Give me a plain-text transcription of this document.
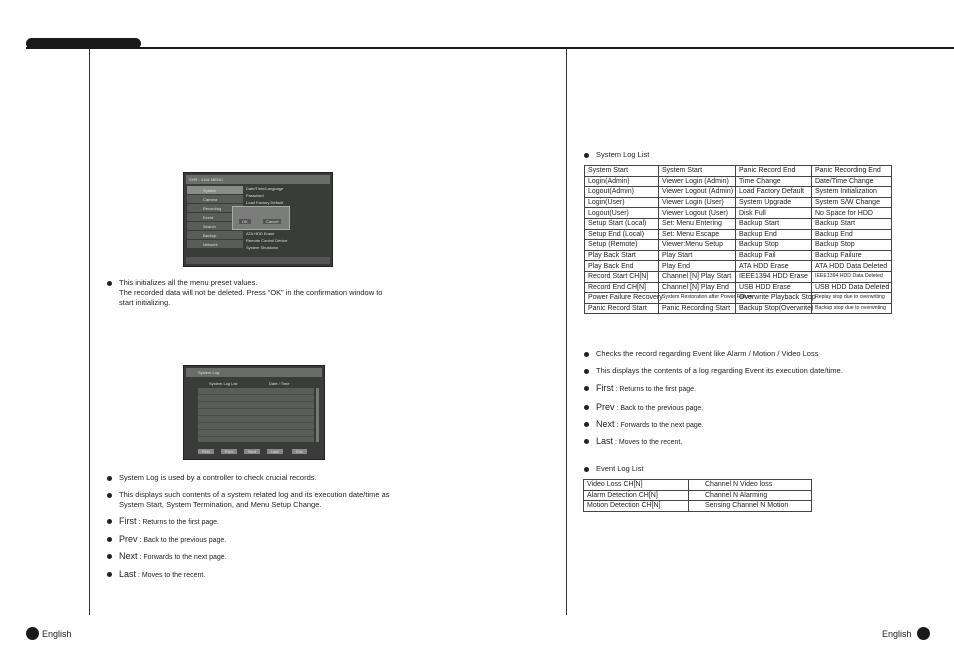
SHR - 4161 MENU
System
Camera
Recording
Event
Search
Backup
Network
Date/Time/Language
Password
Load Factory Default
OK	Cancel
ATA HDD Erase
Remote Control Device
System Shutdown
This initializes all the menu preset values.
The recorded data will not be deleted. Press “OK” in the confirmation window to
start initializing.
System Log
System Log List	Date / Time
First	Prev	Next	Last	Exit
System Log is used by a controller to check crucial records.
This displays such contents of a system related log and its execution date/time as
System Start, System Termination, and Menu Setup Change.
First : Returns to the first page.
Prev : Back to the previous page.
Next : Forwards to the next page.
Last : Moves to the recent.
System Log List
System Start	System Start	Panic Record End	Panic Recording End
Login(Admin)	Viewer Login (Admin)	Time Change	Date/Time Change
Logout(Admin)	Viewer Logout (Admin)	Load Factory Default	System Initialization
Login(User)	Viewer Login (User)	System Upgrade	System S/W Change
Logout(User)	Viewer Logout (User)	Disk Full	No Space for HDD
Setup Start (Local)	Set: Menu Entering	Backup Start	Backup Start
Setup End (Local)	Set: Menu Escape	Backup End	Backup End
Setup (Remote)	Viewer:Menu Setup	Backup Stop	Backup Stop
Play Back Start	Play Start	Backup Fail	Backup Failure
Play Back End	Play End	ATA HDD Erase	ATA HDD Data Deleted
Record Start CH[N]	Channel [N] Play Start	IEEE1394 HDD Erase	IEEE1394 HDD Data Deleted
Record End CH[N]	Channel [N] Play End	USB HDD Erase	USB HDD Data Deleted
Power Failure Recovery	System Restoration after Power Failure	Overwrite Playback Stop	Replay stop due to overwriting
Panic Record Start	Panic Recording Start	Backup Stop(Overwrite)	Backup stop due to overwriting
Checks the record regarding Event like Alarm / Motion / Video Loss
This displays the contents of a log regarding Event its execution date/time.
First : Returns to the first page.
Prev : Back to the previous page.
Next : Forwards to the next page.
Last : Moves to the recent.
Event Log List
Video Loss CH[N]	Channel N Video loss
Alarm Detection CH[N]	Channel N Alarming
Motion Detection CH[N]	Sensing Channel N Motion
English	English
